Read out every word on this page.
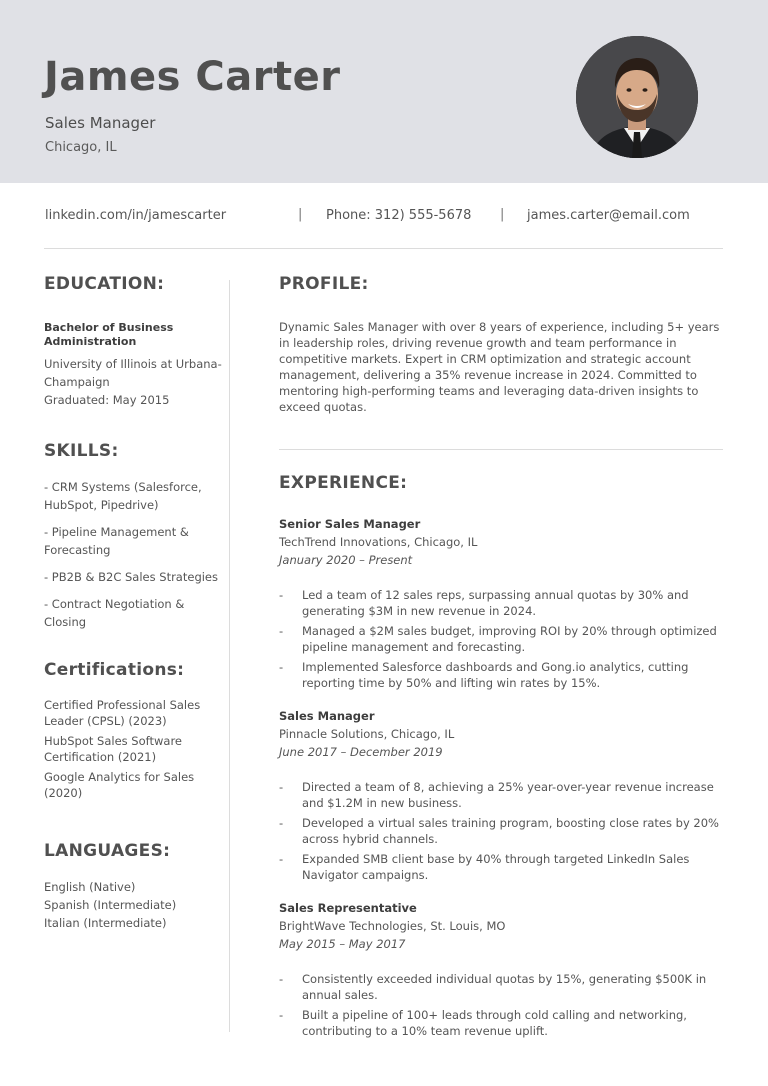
James Carter
Sales Manager
Chicago, IL
linkedin.com/in/jamescarter	| Phone: 312) 555-5678 | james.carter@email.com
EDUCATION:
Bachelor of Business Administration
University of Illinois at Urbana-Champaign
Graduated: May 2015
SKILLS:
- CRM Systems (Salesforce, HubSpot, Pipedrive)
- Pipeline Management & Forecasting
- PB2B & B2C Sales Strategies
- Contract Negotiation & Closing
Certifications:
Certified Professional Sales Leader (CPSL) (2023)
HubSpot Sales Software Certification (2021)
Google Analytics for Sales (2020)
LANGUAGES:
English (Native)
Spanish (Intermediate)
Italian (Intermediate)
PROFILE:
Dynamic Sales Manager with over 8 years of experience, including 5+ years in leadership roles, driving revenue growth and team performance in competitive markets. Expert in CRM optimization and strategic account management, delivering a 35% revenue increase in 2024. Committed to mentoring high-performing teams and leveraging data-driven insights to exceed quotas.
EXPERIENCE:
Senior Sales Manager
TechTrend Innovations, Chicago, IL
January 2020 – Present
- Led a team of 12 sales reps, surpassing annual quotas by 30% and generating $3M in new revenue in 2024.
- Managed a $2M sales budget, improving ROI by 20% through optimized pipeline management and forecasting.
- Implemented Salesforce dashboards and Gong.io analytics, cutting reporting time by 50% and lifting win rates by 15%.
Sales Manager
Pinnacle Solutions, Chicago, IL
June 2017 – December 2019
- Directed a team of 8, achieving a 25% year-over-year revenue increase and $1.2M in new business.
- Developed a virtual sales training program, boosting close rates by 20% across hybrid channels.
- Expanded SMB client base by 40% through targeted LinkedIn Sales Navigator campaigns.
Sales Representative
BrightWave Technologies, St. Louis, MO
May 2015 – May 2017
- Consistently exceeded individual quotas by 15%, generating $500K in annual sales.
- Built a pipeline of 100+ leads through cold calling and networking, contributing to a 10% team revenue uplift.
